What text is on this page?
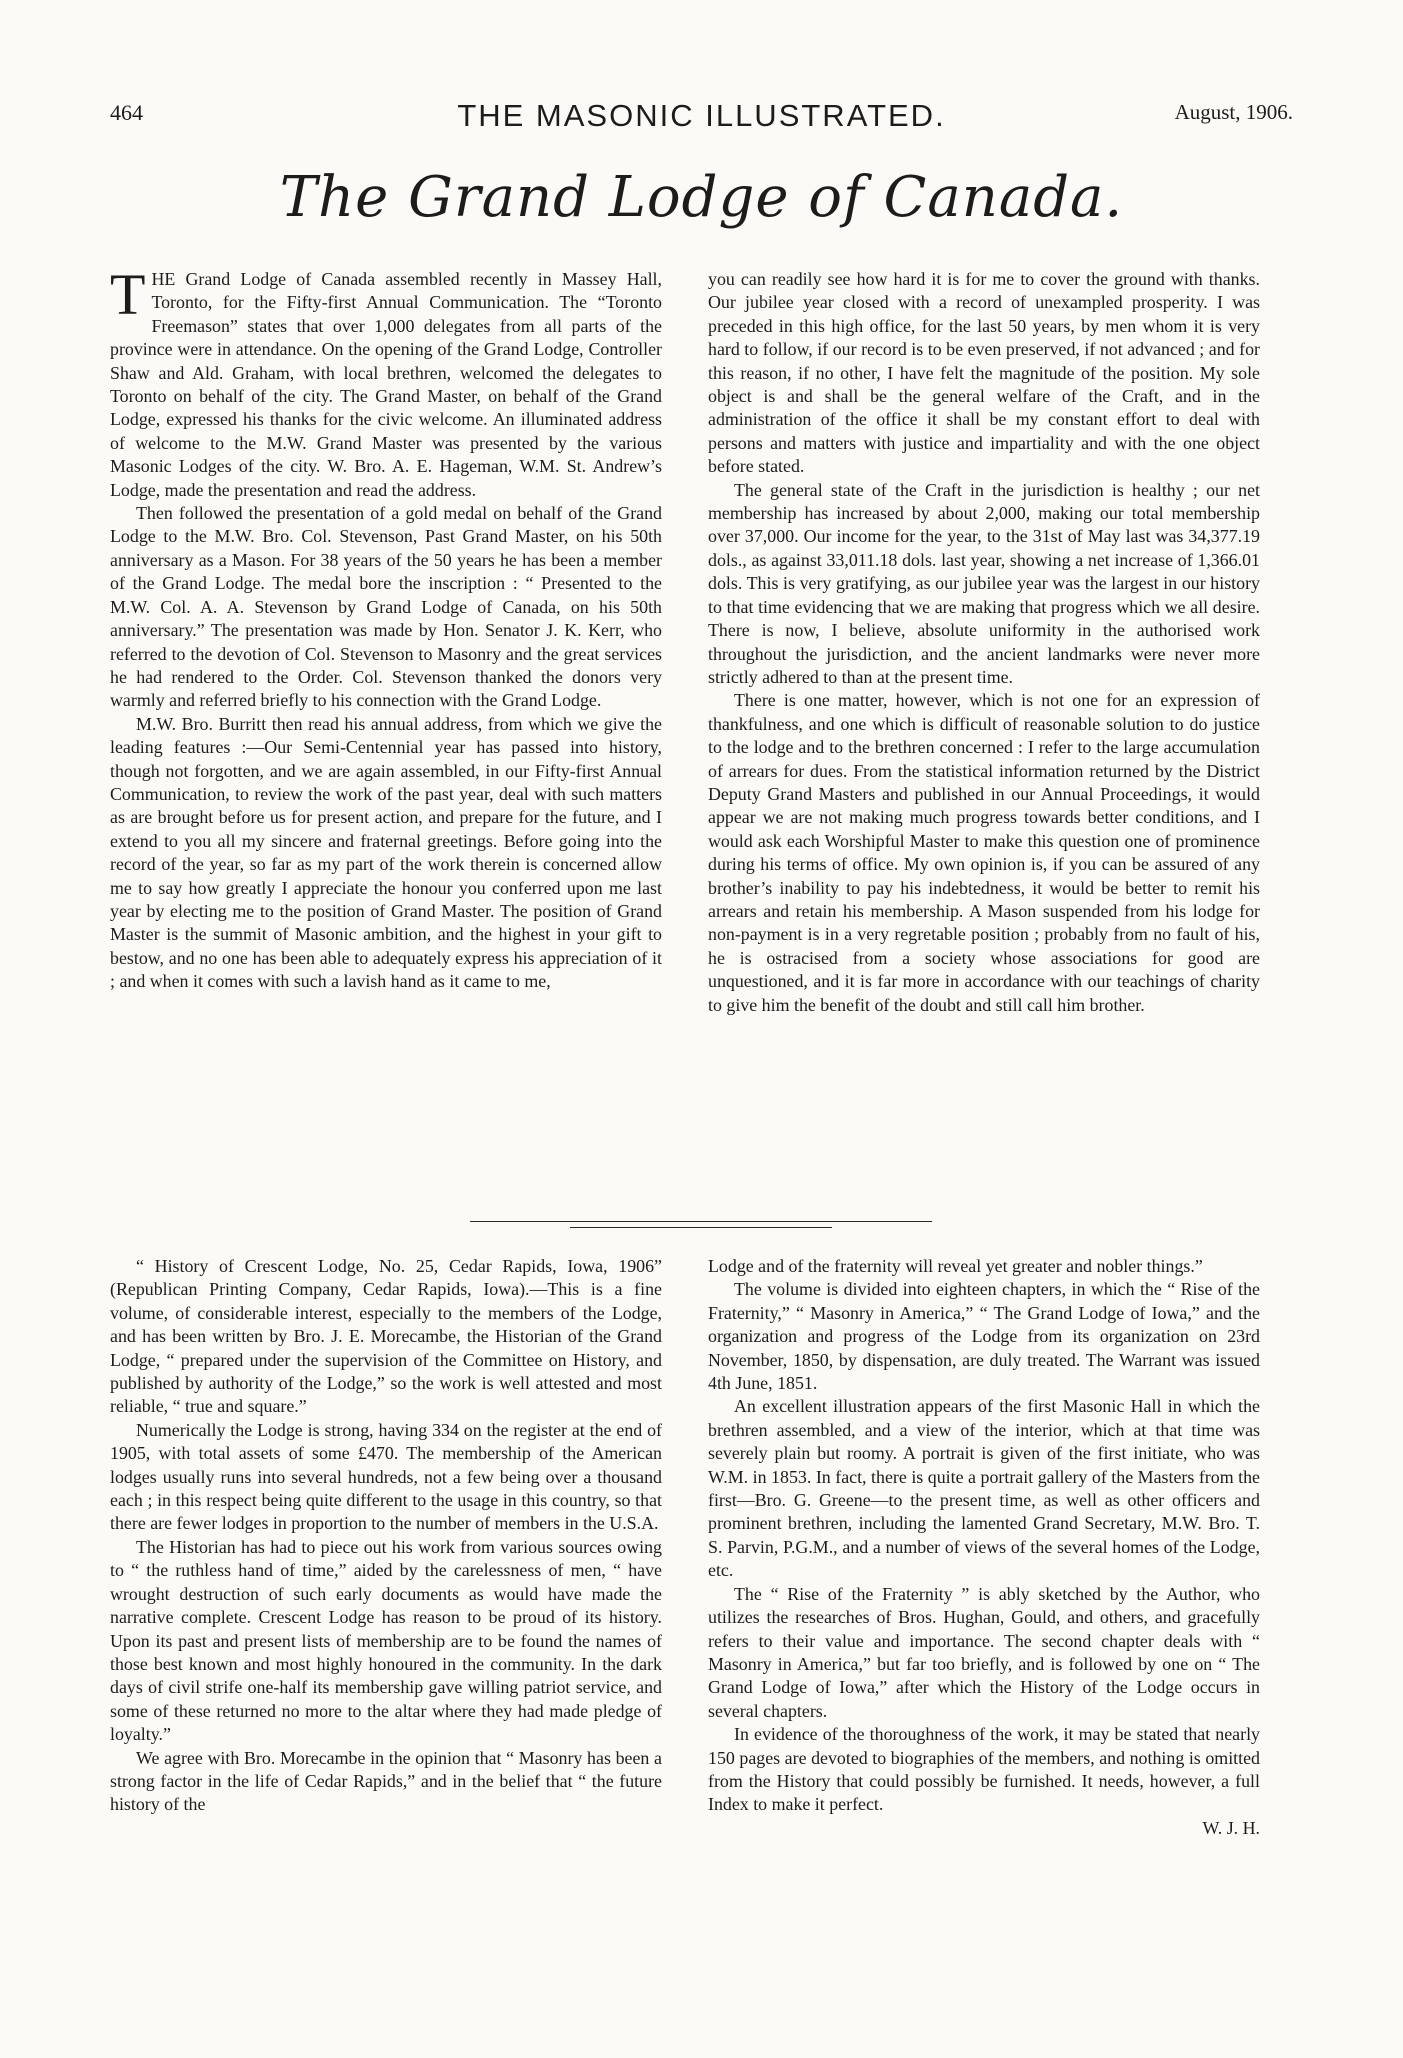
464	THE MASONIC ILLUSTRATED.	August, 1906.
The Grand Lodge of Canada.

THE Grand Lodge of Canada assembled recently in Massey Hall, Toronto, for the Fifty-first Annual Communication. The “Toronto Freemason” states that over 1,000 delegates from all parts of the province were in attendance. On the opening of the Grand Lodge, Controller Shaw and Ald. Graham, with local brethren, welcomed the delegates to Toronto on behalf of the city. The Grand Master, on behalf of the Grand Lodge, expressed his thanks for the civic welcome. An illuminated address of welcome to the M.W. Grand Master was presented by the various Masonic Lodges of the city. W. Bro. A. E. Hageman, W.M. St. Andrew’s Lodge, made the presentation and read the address.

Then followed the presentation of a gold medal on behalf of the Grand Lodge to the M.W. Bro. Col. Stevenson, Past Grand Master, on his 50th anniversary as a Mason. For 38 years of the 50 years he has been a member of the Grand Lodge. The medal bore the inscription : “ Presented to the M.W. Col. A. A. Stevenson by Grand Lodge of Canada, on his 50th anniversary.” The presentation was made by Hon. Senator J. K. Kerr, who referred to the devotion of Col. Stevenson to Masonry and the great services he had rendered to the Order. Col. Stevenson thanked the donors very warmly and referred briefly to his connection with the Grand Lodge.

M.W. Bro. Burritt then read his annual address, from which we give the leading features :—Our Semi-Centennial year has passed into history, though not forgotten, and we are again assembled, in our Fifty-first Annual Communication, to review the work of the past year, deal with such matters as are brought before us for present action, and prepare for the future, and I extend to you all my sincere and fraternal greetings. Before going into the record of the year, so far as my part of the work therein is concerned allow me to say how greatly I appreciate the honour you conferred upon me last year by electing me to the position of Grand Master. The position of Grand Master is the summit of Masonic ambition, and the highest in your gift to bestow, and no one has been able to adequately express his appreciation of it ; and when it comes with such a lavish hand as it came to me,

you can readily see how hard it is for me to cover the ground with thanks. Our jubilee year closed with a record of unexampled prosperity. I was preceded in this high office, for the last 50 years, by men whom it is very hard to follow, if our record is to be even preserved, if not advanced ; and for this reason, if no other, I have felt the magnitude of the position. My sole object is and shall be the general welfare of the Craft, and in the administration of the office it shall be my constant effort to deal with persons and matters with justice and impartiality and with the one object before stated.

The general state of the Craft in the jurisdiction is healthy ; our net membership has increased by about 2,000, making our total membership over 37,000. Our income for the year, to the 31st of May last was 34,377.19 dols., as against 33,011.18 dols. last year, showing a net increase of 1,366.01 dols. This is very gratifying, as our jubilee year was the largest in our history to that time evidencing that we are making that progress which we all desire. There is now, I believe, absolute uniformity in the authorised work throughout the jurisdiction, and the ancient landmarks were never more strictly adhered to than at the present time.

There is one matter, however, which is not one for an expression of thankfulness, and one which is difficult of reasonable solution to do justice to the lodge and to the brethren concerned : I refer to the large accumulation of arrears for dues. From the statistical information returned by the District Deputy Grand Masters and published in our Annual Proceedings, it would appear we are not making much progress towards better conditions, and I would ask each Worshipful Master to make this question one of prominence during his terms of office. My own opinion is, if you can be assured of any brother’s inability to pay his indebtedness, it would be better to remit his arrears and retain his membership. A Mason suspended from his lodge for non-payment is in a very regretable position ; probably from no fault of his, he is ostracised from a society whose associations for good are unquestioned, and it is far more in accordance with our teachings of charity to give him the benefit of the doubt and still call him brother.

“ History of Crescent Lodge, No. 25, Cedar Rapids, Iowa, 1906” (Republican Printing Company, Cedar Rapids, Iowa).—This is a fine volume, of considerable interest, especially to the members of the Lodge, and has been written by Bro. J. E. Morecambe, the Historian of the Grand Lodge, “ prepared under the supervision of the Committee on History, and published by authority of the Lodge,” so the work is well attested and most reliable, “ true and square.”

Numerically the Lodge is strong, having 334 on the register at the end of 1905, with total assets of some £470. The membership of the American lodges usually runs into several hundreds, not a few being over a thousand each ; in this respect being quite different to the usage in this country, so that there are fewer lodges in proportion to the number of members in the U.S.A.

The Historian has had to piece out his work from various sources owing to “ the ruthless hand of time,” aided by the carelessness of men, “ have wrought destruction of such early documents as would have made the narrative complete. Crescent Lodge has reason to be proud of its history. Upon its past and present lists of membership are to be found the names of those best known and most highly honoured in the community. In the dark days of civil strife one-half its membership gave willing patriot service, and some of these returned no more to the altar where they had made pledge of loyalty.”

We agree with Bro. Morecambe in the opinion that “ Masonry has been a strong factor in the life of Cedar Rapids,” and in the belief that “ the future history of the

Lodge and of the fraternity will reveal yet greater and nobler things.”

The volume is divided into eighteen chapters, in which the “ Rise of the Fraternity,” “ Masonry in America,” “ The Grand Lodge of Iowa,” and the organization and progress of the Lodge from its organization on 23rd November, 1850, by dispensation, are duly treated. The Warrant was issued 4th June, 1851.

An excellent illustration appears of the first Masonic Hall in which the brethren assembled, and a view of the interior, which at that time was severely plain but roomy. A portrait is given of the first initiate, who was W.M. in 1853. In fact, there is quite a portrait gallery of the Masters from the first—Bro. G. Greene—to the present time, as well as other officers and prominent brethren, including the lamented Grand Secretary, M.W. Bro. T. S. Parvin, P.G.M., and a number of views of the several homes of the Lodge, etc.

The “ Rise of the Fraternity ” is ably sketched by the Author, who utilizes the researches of Bros. Hughan, Gould, and others, and gracefully refers to their value and importance. The second chapter deals with “ Masonry in America,” but far too briefly, and is followed by one on “ The Grand Lodge of Iowa,” after which the History of the Lodge occurs in several chapters.

In evidence of the thoroughness of the work, it may be stated that nearly 150 pages are devoted to biographies of the members, and nothing is omitted from the History that could possibly be furnished. It needs, however, a full Index to make it perfect.

W. J. H.
